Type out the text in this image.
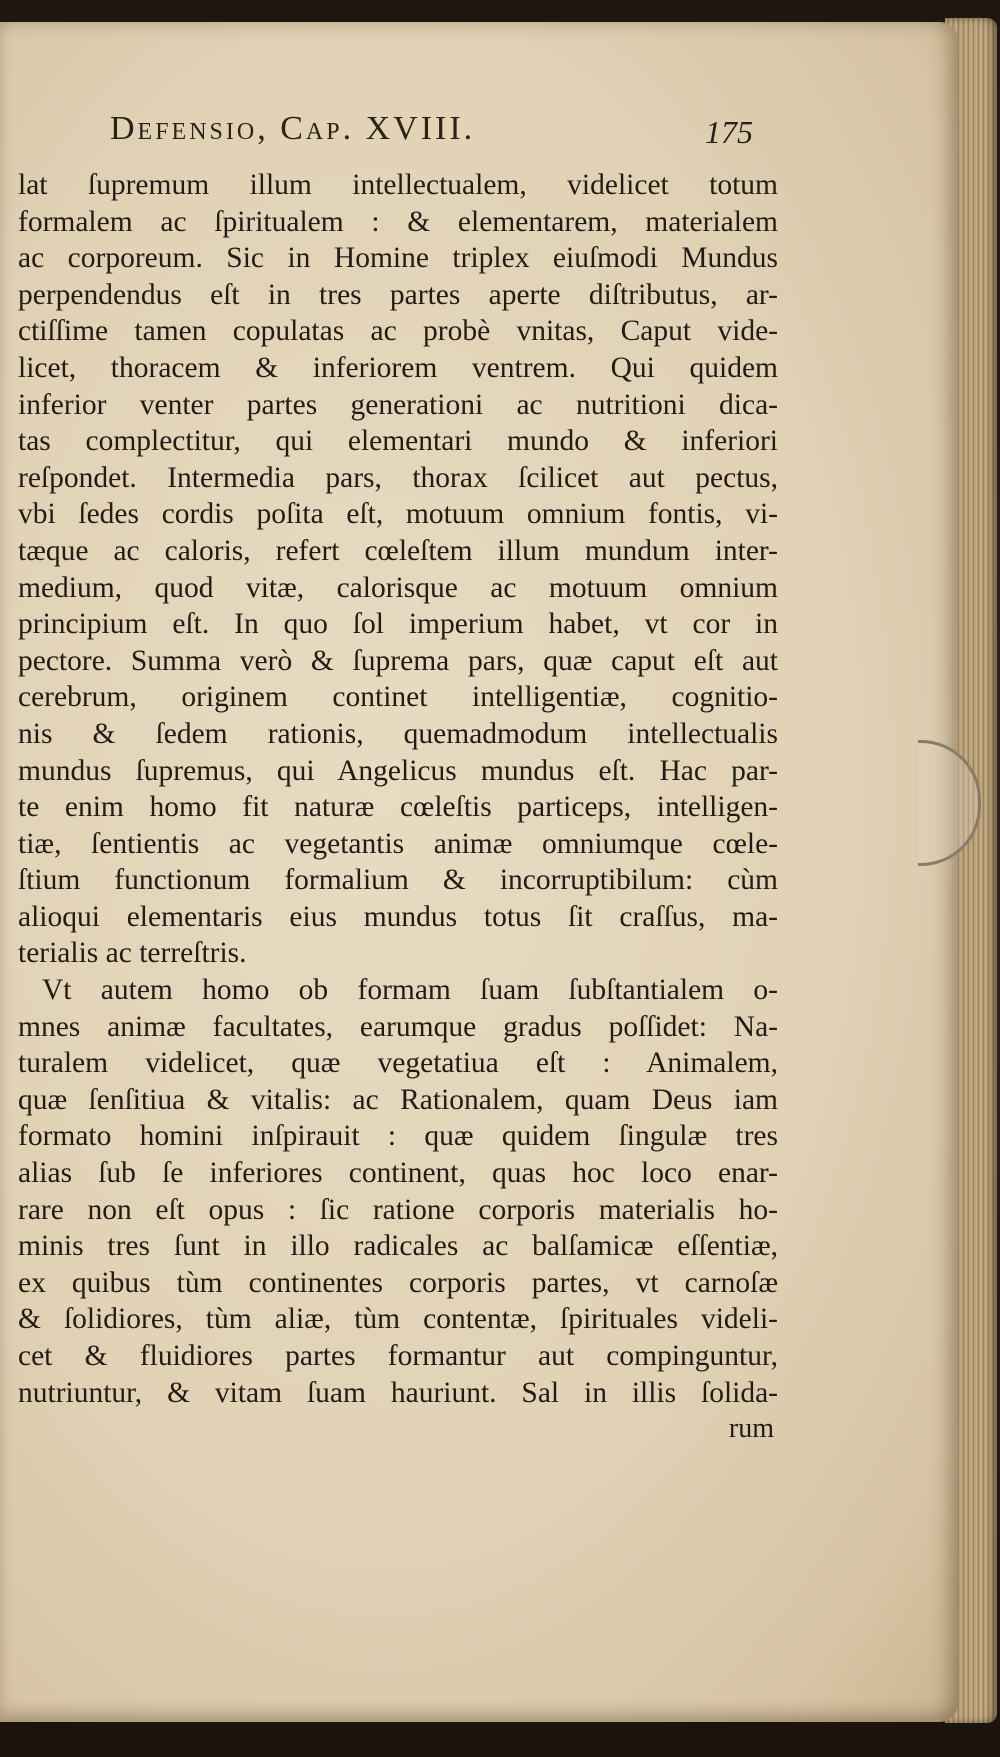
Defensio, Cap. XVIII.	175
lat ſupremum illum intellectualem, videlicet totum
formalem ac ſpiritualem : & elementarem, materialem
ac corporeum. Sic in Homine triplex eiuſmodi Mundus
perpendendus eſt in tres partes aperte diſtributus, ar-
ctiſſime tamen copulatas ac probè vnitas, Caput vide-
licet, thoracem & inferiorem ventrem. Qui quidem
inferior venter partes generationi ac nutritioni dica-
tas complectitur, qui elementari mundo & inferiori
reſpondet. Intermedia pars, thorax ſcilicet aut pectus,
vbi ſedes cordis poſita eſt, motuum omnium fontis, vi-
tæque ac caloris, refert cœleſtem illum mundum inter-
medium, quod vitæ, calorisque ac motuum omnium
principium eſt. In quo ſol imperium habet, vt cor in
pectore. Summa verò & ſuprema pars, quæ caput eſt aut
cerebrum, originem continet intelligentiæ, cognitio-
nis & ſedem rationis, quemadmodum intellectualis
mundus ſupremus, qui Angelicus mundus eſt. Hac par-
te enim homo fit naturæ cœleſtis particeps, intelligen-
tiæ, ſentientis ac vegetantis animæ omniumque cœle-
ſtium functionum formalium & incorruptibilum: cùm
alioqui elementaris eius mundus totus ſit craſſus, ma-
terialis ac terreſtris.
Vt autem homo ob formam ſuam ſubſtantialem o-
mnes animæ facultates, earumque gradus poſſidet: Na-
turalem videlicet, quæ vegetatiua eſt : Animalem,
quæ ſenſitiua & vitalis: ac Rationalem, quam Deus iam
formato homini inſpirauit : quæ quidem ſingulæ tres
alias ſub ſe inferiores continent, quas hoc loco enar-
rare non eſt opus : ſic ratione corporis materialis ho-
minis tres ſunt in illo radicales ac balſamicæ eſſentiæ,
ex quibus tùm continentes corporis partes, vt carnoſæ
& ſolidiores, tùm aliæ, tùm contentæ, ſpirituales videli-
cet & fluidiores partes formantur aut compinguntur,
nutriuntur, & vitam ſuam hauriunt. Sal in illis ſolida-
rum
